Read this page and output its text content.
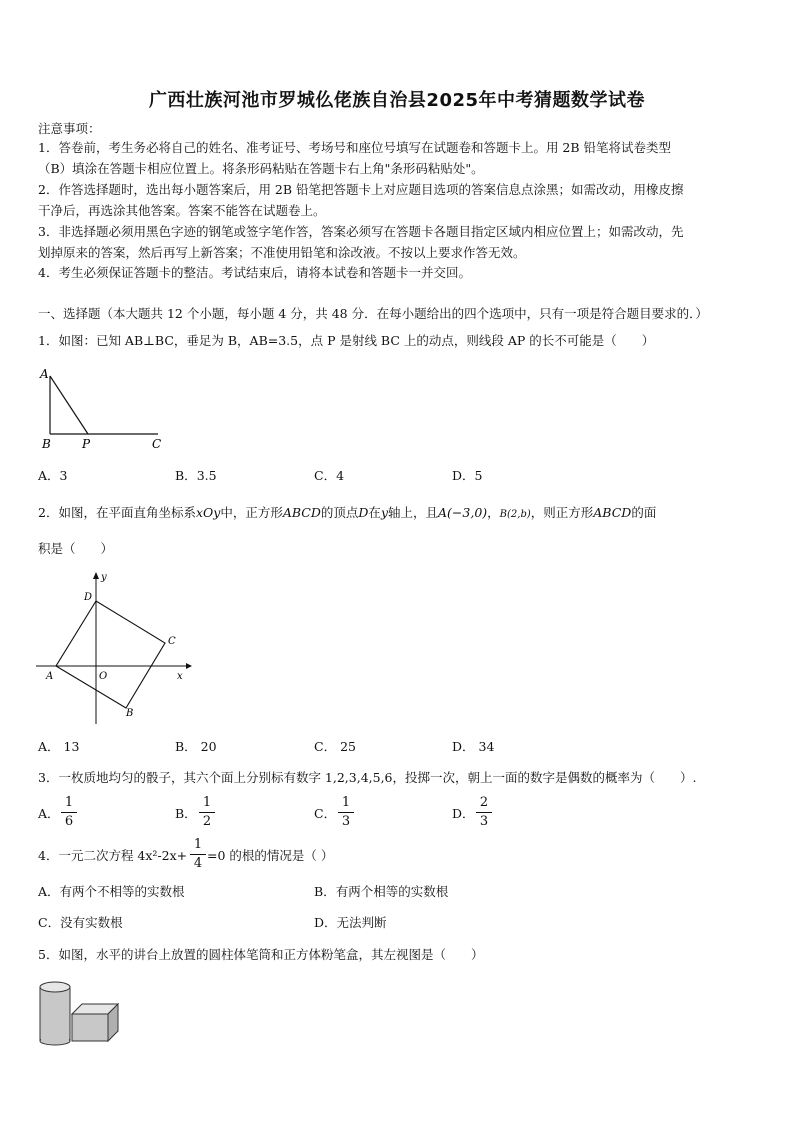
广西壮族河池市罗城仫佬族自治县2025年中考猜题数学试卷
注意事项：
1．答卷前，考生务必将自己的姓名、准考证号、考场号和座位号填写在试题卷和答题卡上。用 2B 铅笔将试卷类型
（B）填涂在答题卡相应位置上。将条形码粘贴在答题卡右上角"条形码粘贴处"。
2．作答选择题时，选出每小题答案后，用 2B 铅笔把答题卡上对应题目选项的答案信息点涂黑；如需改动，用橡皮擦
干净后，再选涂其他答案。答案不能答在试题卷上。
3．非选择题必须用黑色字迹的钢笔或签字笔作答，答案必须写在答题卡各题目指定区域内相应位置上；如需改动，先
划掉原来的答案，然后再写上新答案；不准使用铅笔和涂改液。不按以上要求作答无效。
4．考生必须保证答题卡的整洁。考试结束后，请将本试卷和答题卡一并交回。
一、选择题（本大题共 12 个小题，每小题 4 分，共 48 分．在每小题给出的四个选项中，只有一项是符合题目要求的．）
1．如图：已知 AB⊥BC，垂足为 B，AB=3.5，点 P 是射线 BC 上的动点，则线段 AP 的长不可能是（　　）
A
B	P	C
A．3	B．3.5	C．4	D．5
2．如图，在平面直角坐标系xOy中，正方形ABCD的顶点D在y轴上，且A(−3,0)，B(2,b)，则正方形ABCD的面
积是（　　）
y
D
C
A	O	x
B
A． 13	B． 20	C． 25	D． 34
3．一枚质地均匀的骰子，其六个面上分别标有数字 1,2,3,4,5,6，投掷一次，朝上一面的数字是偶数的概率为（　　）.
A．
1
6
B．
1
2
C．
1
3
D．
2
3
4．一元二次方程 4x²-2x+
1
4
=0 的根的情况是（ ）
A．有两个不相等的实数根	B．有两个相等的实数根
C．没有实数根	D．无法判断
5．如图，水平的讲台上放置的圆柱体笔筒和正方体粉笔盒，其左视图是（　　）
